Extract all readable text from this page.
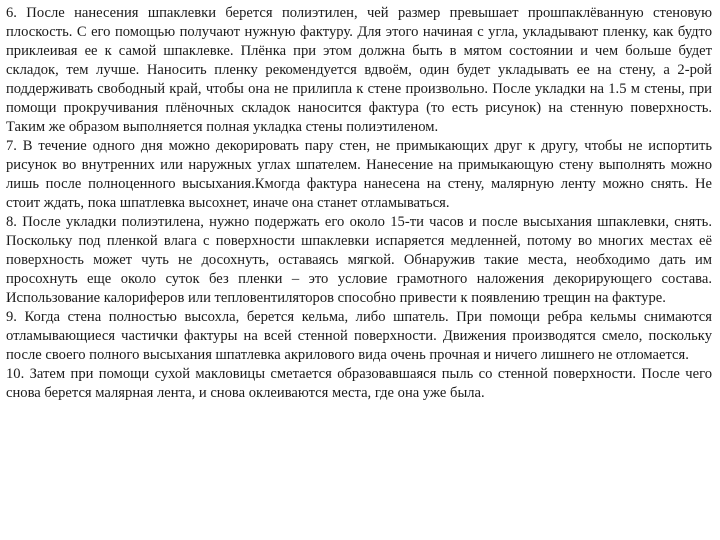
6. После нанесения шпаклевки берется полиэтилен, чей размер превышает прошпаклёванную стеновую плоскость. С его помощью получают нужную фактуру. Для этого начиная с угла, укладывают пленку, как будто приклеивая ее к самой шпаклевке. Плёнка при этом должна быть в мятом состоянии и чем больше будет складок, тем лучше. Наносить пленку рекомендуется вдвоём, один будет укладывать ее на стену, а 2-рой поддерживать свободный край, чтобы она не прилипла к стене произвольно. После укладки на 1.5 м стены, при помощи прокручивания плёночных складок наносится фактура (то есть рисунок) на стенную поверхность. Таким же образом выполняется полная укладка стены полиэтиленом.

7. В течение одного дня можно декорировать пару стен, не примыкающих друг к другу, чтобы не испортить рисунок во внутренних или наружных углах шпателем. Нанесение на примыкающую стену выполнять можно лишь после полноценного высыхания.Кмогда фактура нанесена на стену, малярную ленту можно снять. Не стоит ждать, пока шпатлевка высохнет, иначе она станет отламываться.

8. После укладки полиэтилена, нужно подержать его около 15-ти часов и после высыхания шпаклевки, снять. Поскольку под пленкой влага с поверхности шпаклевки испаряется медленней, потому во многих местах её поверхность может чуть не досохнуть, оставаясь мягкой. Обнаружив такие места, необходимо дать им просохнуть еще около суток без пленки – это условие грамотного наложения декорирующего состава. Использование калориферов или тепловентиляторов способно привести к появлению трещин на фактуре.

9. Когда стена полностью высохла, берется кельма, либо шпатель. При помощи ребра кельмы снимаются отламывающиеся частички фактуры на всей стенной поверхности. Движения производятся смело, поскольку после своего полного высыхания шпатлевка акрилового вида очень прочная и ничего лишнего не отломается.

10. Затем при помощи сухой макловицы сметается образовавшаяся пыль со стенной поверхности. После чего снова берется малярная лента, и снова оклеиваются места, где она уже была.
